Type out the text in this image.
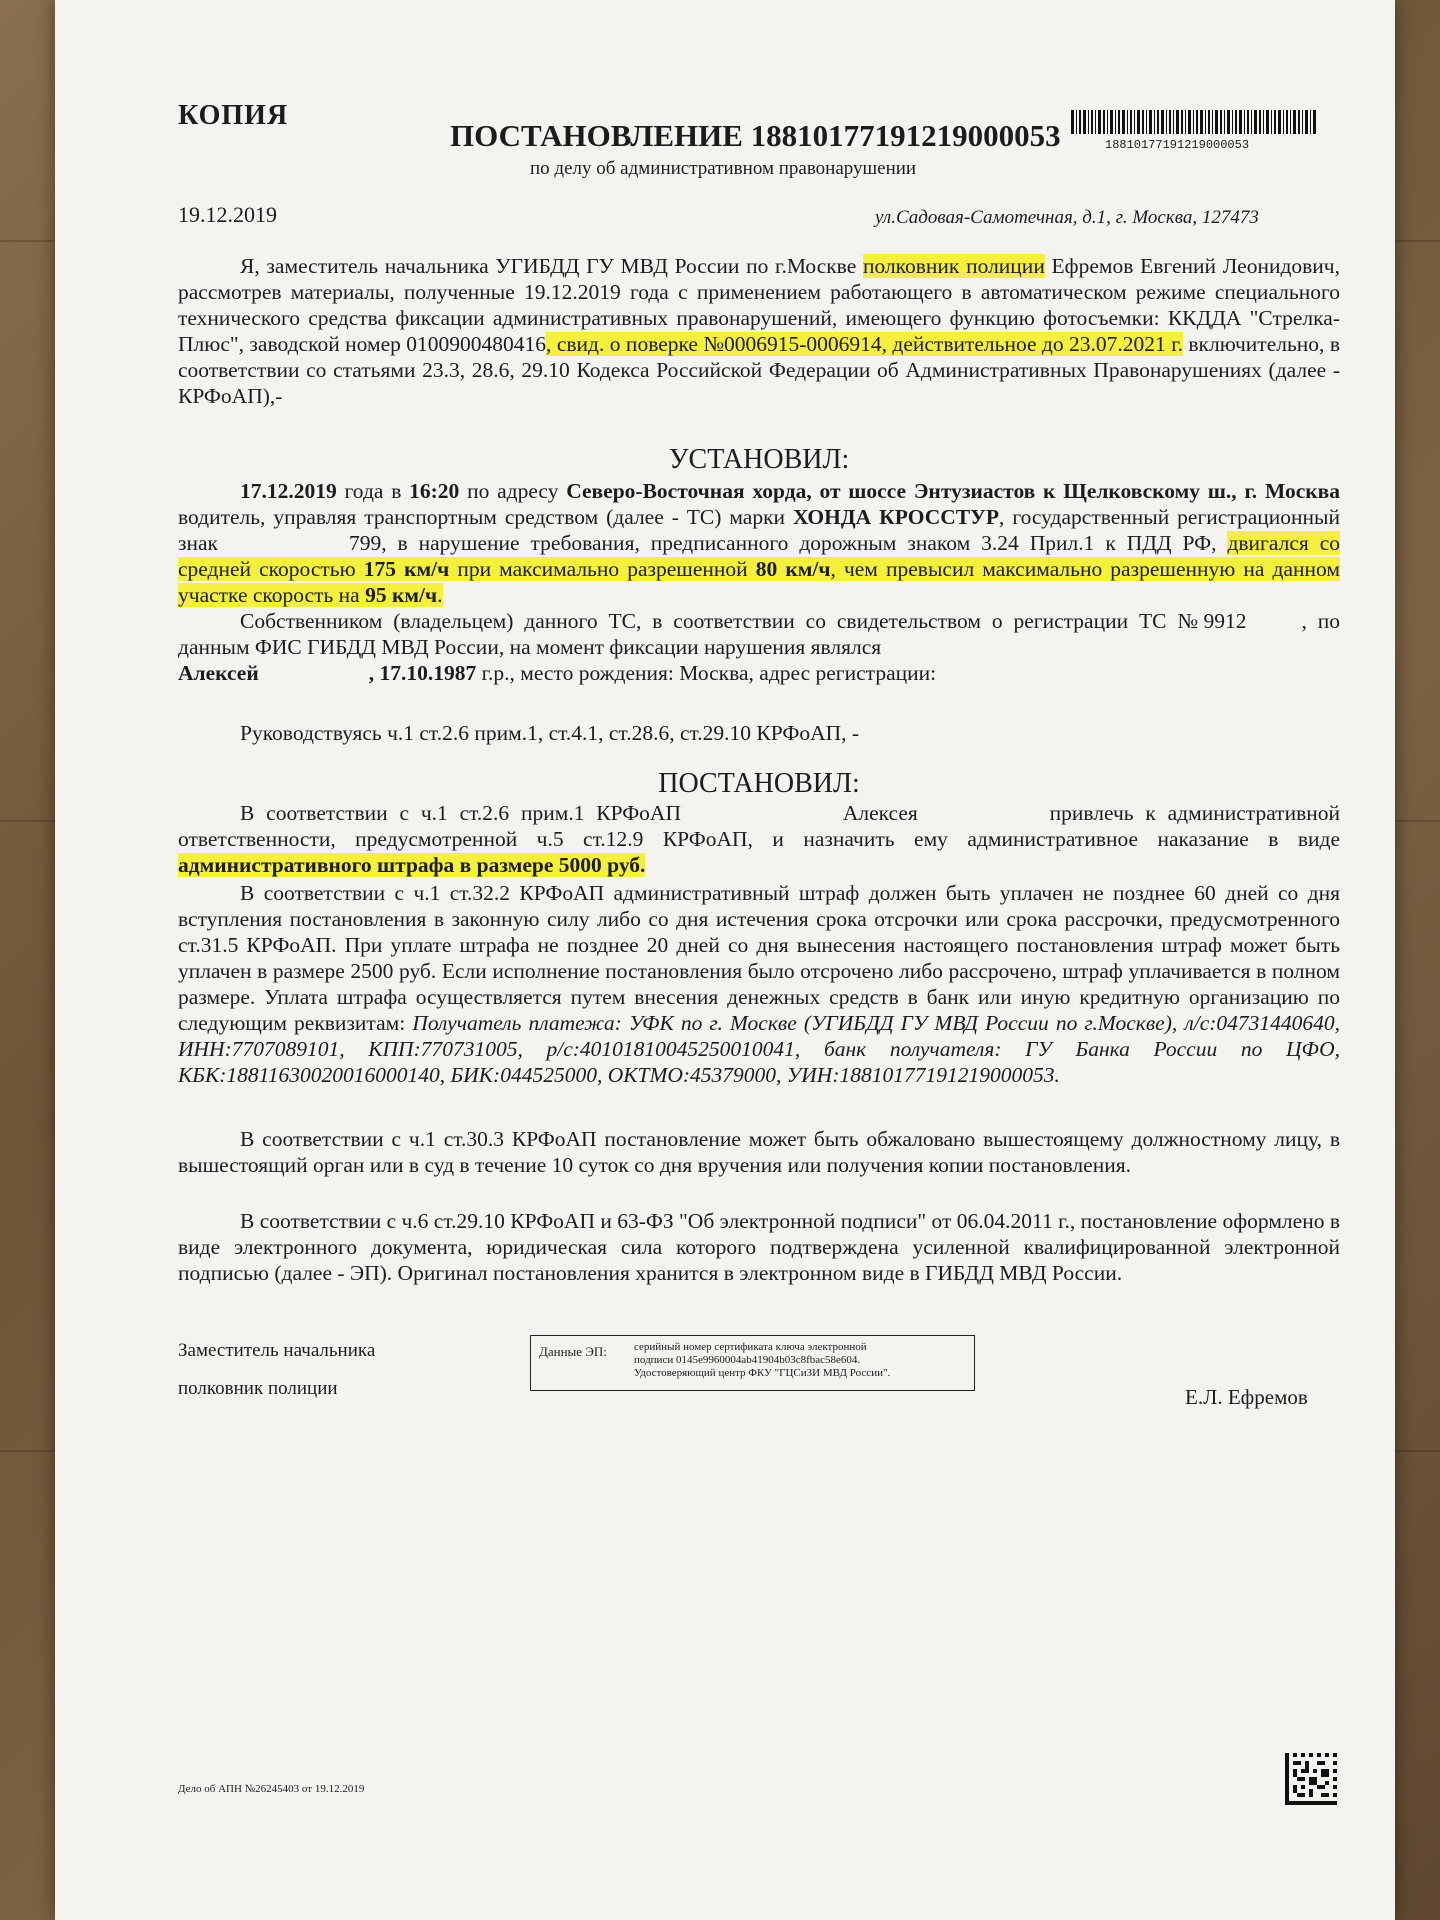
КОПИЯ
ПОСТАНОВЛЕНИЕ 18810177191219000053
по делу об административном правонарушении
18810177191219000053
19.12.2019	ул.Садовая-Самотечная, д.1, г. Москва, 127473
Я, заместитель начальника УГИБДД ГУ МВД России по г.Москве полковник полиции Ефремов Евгений Леонидович, рассмотрев материалы, полученные 19.12.2019 года с применением работающего в автоматическом режиме специального технического средства фиксации административных правонарушений, имеющего функцию фотосъемки: ККДДА "Стрелка-Плюс", заводской номер 0100900480416, свид. о поверке №0006915-0006914, действительное до 23.07.2021 г. включительно, в соответствии со статьями 23.3, 28.6, 29.10 Кодекса Российской Федерации об Административных Правонарушениях (далее - КРФоАП),-
УСТАНОВИЛ:
17.12.2019 года в 16:20 по адресу Северо-Восточная хорда, от шоссе Энтузиастов к Щелковскому ш., г. Москва водитель, управляя транспортным средством (далее - ТС) марки ХОНДА КРОССТУР, государственный регистрационный знак	799, в нарушение требования, предписанного дорожным знаком 3.24 Прил.1 к ПДД РФ, двигался со средней скоростью 175 км/ч при максимально разрешенной 80 км/ч, чем превысил максимально разрешенную на данном участке скорость на 95 км/ч.
Собственником (владельцем) данного ТС, в соответствии со свидетельством о регистрации ТС №9912	, по данным ФИС ГИБДД МВД России, на момент фиксации нарушения являлся
Алексей	, 17.10.1987 г.р., место рождения: Москва, адрес регистрации:
Руководствуясь ч.1 ст.2.6 прим.1, ст.4.1, ст.28.6, ст.29.10 КРФоАП, -
ПОСТАНОВИЛ:
В соответствии с ч.1 ст.2.6 прим.1 КРФоАП	Алексея	привлечь к административной ответственности, предусмотренной ч.5 ст.12.9 КРФоАП, и назначить ему административное наказание в виде административного штрафа в размере 5000 руб.
В соответствии с ч.1 ст.32.2 КРФоАП административный штраф должен быть уплачен не позднее 60 дней со дня вступления постановления в законную силу либо со дня истечения срока отсрочки или срока рассрочки, предусмотренного ст.31.5 КРФоАП. При уплате штрафа не позднее 20 дней со дня вынесения настоящего постановления штраф может быть уплачен в размере 2500 руб. Если исполнение постановления было отсрочено либо рассрочено, штраф уплачивается в полном размере. Уплата штрафа осуществляется путем внесения денежных средств в банк или иную кредитную организацию по следующим реквизитам: Получатель платежа: УФК по г. Москве (УГИБДД ГУ МВД России по г.Москве), л/с:04731440640, ИНН:7707089101, КПП:770731005, р/с:40101810045250010041, банк получателя: ГУ Банка России по ЦФО, КБК:18811630020016000140, БИК:044525000, ОКТМО:45379000, УИН:18810177191219000053.
В соответствии с ч.1 ст.30.3 КРФоАП постановление может быть обжаловано вышестоящему должностному лицу, в вышестоящий орган или в суд в течение 10 суток со дня вручения или получения копии постановления.
В соответствии с ч.6 ст.29.10 КРФоАП и 63-ФЗ "Об электронной подписи" от 06.04.2011 г., постановление оформлено в виде электронного документа, юридическая сила которого подтверждена усиленной квалифицированной электронной подписью (далее - ЭП). Оригинал постановления хранится в электронном виде в ГИБДД МВД России.
Заместитель начальника
полковник полиции
Данные ЭП: серийный номер сертификата ключа электронной
подписи 0145e9960004ab41904b03c8fbac58e604.
Удостоверяющий центр ФКУ "ГЦСиЗИ МВД России".
Е.Л. Ефремов
Дело об АПН №26245403 от 19.12.2019
